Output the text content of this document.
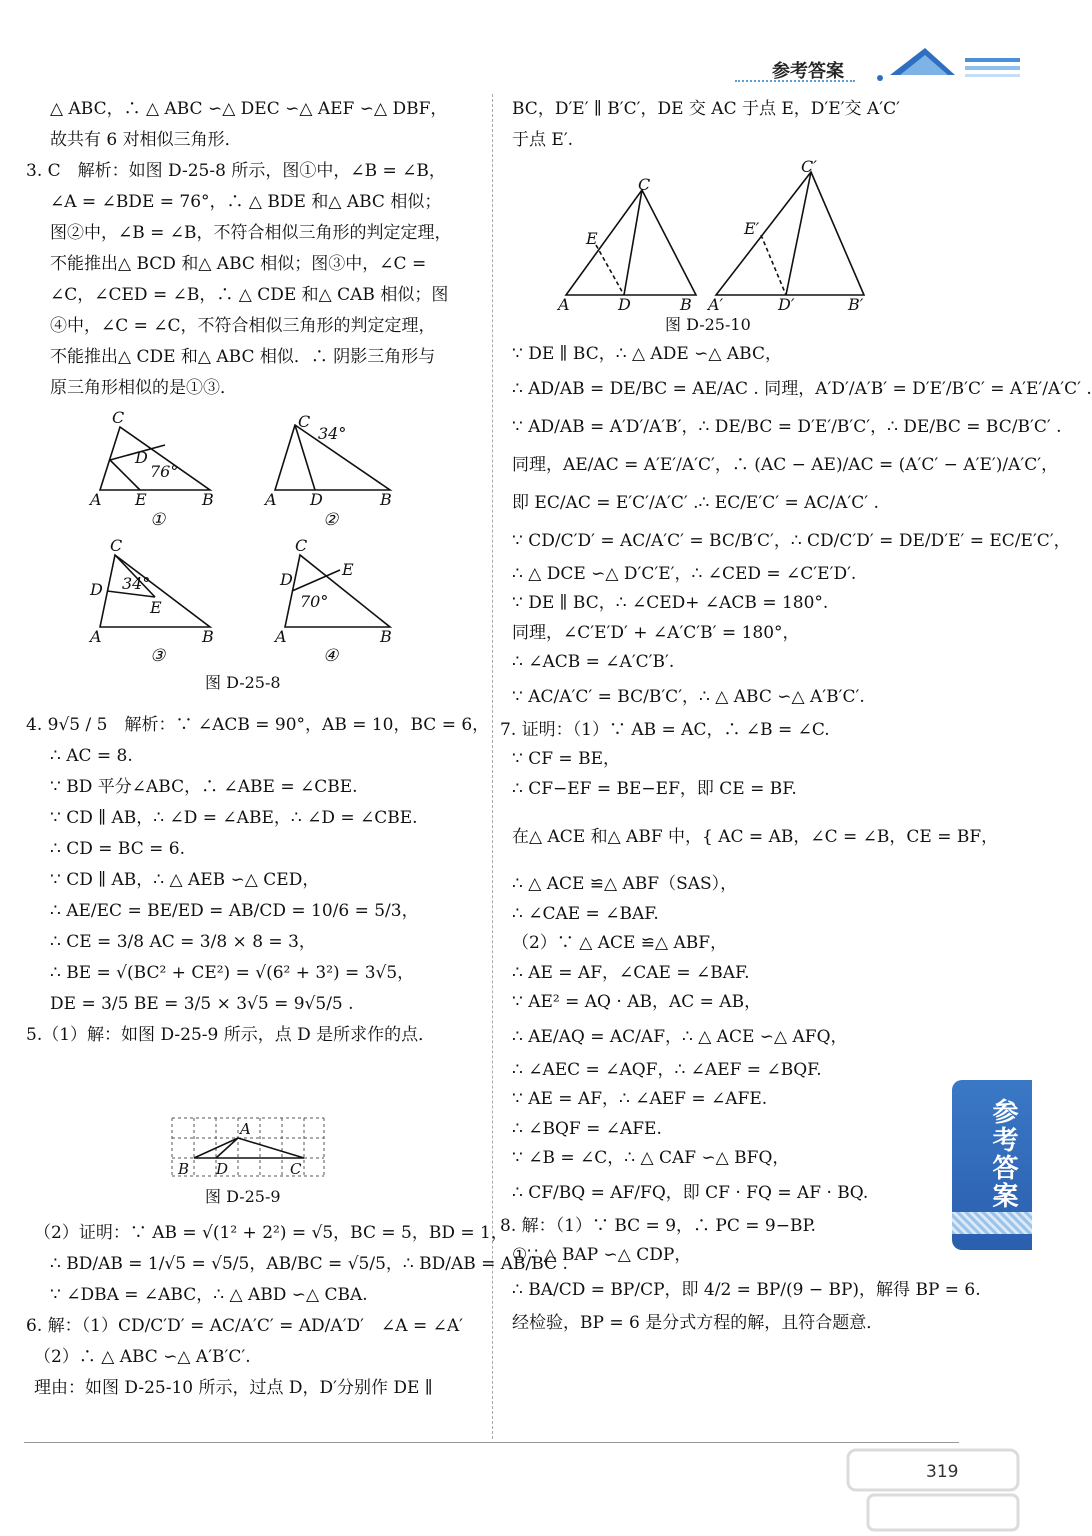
参考答案
△ ABC，∴ △ ABC ∽△ DEC ∽△ AEF ∽△ DBF，
故共有 6 对相似三角形．
3. C　解析：如图 D-25-8 所示，图①中，∠B = ∠B，
∠A = ∠BDE = 76°，∴ △ BDE 和△ ABC 相似；
图②中，∠B = ∠B，不符合相似三角形的判定定理，
不能推出△ BCD 和△ ABC 相似；图③中，∠C =
∠C，∠CED = ∠B，∴ △ CDE 和△ CAB 相似；图
④中，∠C = ∠C，不符合相似三角形的判定定理，
不能推出△ CDE 和△ ABC 相似．∴ 阴影三角形与
原三角形相似的是①③．
A E	B
C
D
76°
A D	B
C
34°
A	B
C
D
E
34°
A	B
C
D
E
70°
①	②
③	④
图 D-25-8
4. 9√5 / 5　解析：∵ ∠ACB = 90°，AB = 10，BC = 6，
∴ AC = 8.
∵ BD 平分∠ABC，∴ ∠ABE = ∠CBE.
∵ CD ∥ AB，∴ ∠D = ∠ABE，∴ ∠D = ∠CBE.
∴ CD = BC = 6.
∵ CD ∥ AB，∴ △ AEB ∽△ CED，
∴ AE/EC = BE/ED = AB/CD = 10/6 = 5/3，
∴ CE = 3/8 AC = 3/8 × 8 = 3，
∴ BE = √(BC² + CE²) = √(6² + 3²) = 3√5，
DE = 3/5 BE = 3/5 × 3√5 = 9√5/5 .
5.（1）解：如图 D-25-9 所示，点 D 是所求作的点．
A
B D	C
图 D-25-9
（2）证明：∵ AB = √(1² + 2²) = √5，BC = 5，BD = 1，
∴ BD/AB = 1/√5 = √5/5，AB/BC = √5/5，∴ BD/AB = AB/BC .
∵ ∠DBA = ∠ABC，∴ △ ABD ∽△ CBA.
6. 解：（1）CD/C′D′ = AC/A′C′ = AD/A′D′　∠A = ∠A′
（2）∴ △ ABC ∽△ A′B′C′.
理由：如图 D-25-10 所示，过点 D，D′分别作 DE ∥
BC，D′E′ ∥ B′C′，DE 交 AC 于点 E，D′E′交 A′C′
于点 E′.
A	D	B
C
E
A′	D′	B′
C′
E′
图 D-25-10
∵ DE ∥ BC，∴ △ ADE ∽△ ABC，
∴ AD/AB = DE/BC = AE/AC . 同理，A′D′/A′B′ = D′E′/B′C′ = A′E′/A′C′ .
∵ AD/AB = A′D′/A′B′，∴ DE/BC = D′E′/B′C′，∴ DE/BC = BC/B′C′ .
同理，AE/AC = A′E′/A′C′，∴ (AC − AE)/AC = (A′C′ − A′E′)/A′C′，
即 EC/AC = E′C′/A′C′ .∴ EC/E′C′ = AC/A′C′ .
∵ CD/C′D′ = AC/A′C′ = BC/B′C′，∴ CD/C′D′ = DE/D′E′ = EC/E′C′，
∴ △ DCE ∽△ D′C′E′，∴ ∠CED = ∠C′E′D′.
∵ DE ∥ BC，∴ ∠CED+ ∠ACB = 180°.
同理，∠C′E′D′ + ∠A′C′B′ = 180°，
∴ ∠ACB = ∠A′C′B′.
∵ AC/A′C′ = BC/B′C′，∴ △ ABC ∽△ A′B′C′.
7. 证明：（1）∵ AB = AC，∴ ∠B = ∠C.
∵ CF = BE，
∴ CF−EF = BE−EF，即 CE = BF.
在△ ACE 和△ ABF 中，{ AC = AB，∠C = ∠B，CE = BF，
∴ △ ACE ≌△ ABF（SAS），
∴ ∠CAE = ∠BAF.
（2）∵ △ ACE ≌△ ABF，
∴ AE = AF，∠CAE = ∠BAF.
∵ AE² = AQ · AB，AC = AB，
∴ AE/AQ = AC/AF，∴ △ ACE ∽△ AFQ，
∴ ∠AEC = ∠AQF，∴ ∠AEF = ∠BQF.
∵ AE = AF，∴ ∠AEF = ∠AFE.
∴ ∠BQF = ∠AFE.
∵ ∠B = ∠C，∴ △ CAF ∽△ BFQ，
∴ CF/BQ = AF/FQ，即 CF · FQ = AF · BQ.
8. 解：（1）∵ BC = 9，∴ PC = 9−BP.
①∵ △ BAP ∽△ CDP，
∴ BA/CD = BP/CP，即 4/2 = BP/(9 − BP)，解得 BP = 6.
经检验，BP = 6 是分式方程的解，且符合题意．
参考答案
319
